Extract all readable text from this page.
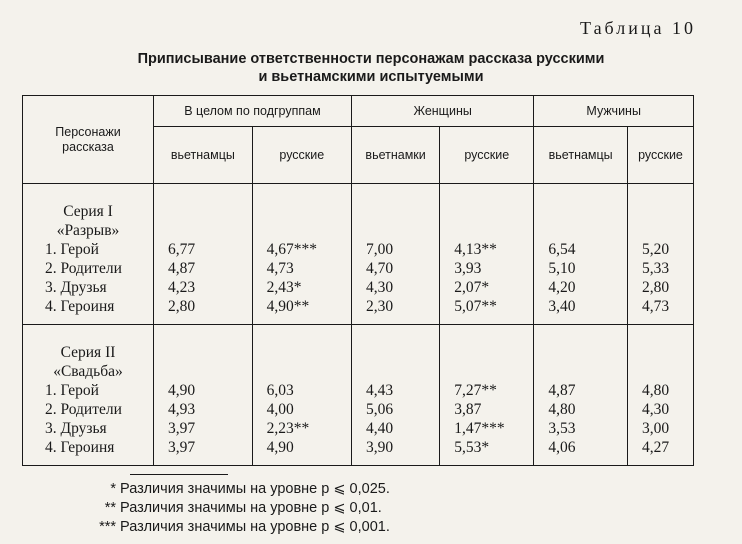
Таблица 10
Приписывание ответственности персонажам рассказа русскими
и вьетнамскими испытуемыми
Персонажи
рассказа	В целом по подгруппам		Женщины		Мужчины	
	вьетнамцы	русские	вьетнамки	русские	вьетнамцы	русские
Серия I						
«Разрыв»						
1. Герой	6,77	4,67***	7,00	4,13**	6,54	5,20
2. Родители	4,87	4,73	4,70	3,93	5,10	5,33
3. Друзья	4,23	2,43*	4,30	2,07*	4,20	2,80
4. Героиня	2,80	4,90**	2,30	5,07**	3,40	4,73
Серия II						
«Свадьба»						
1. Герой	4,90	6,03	4,43	7,27**	4,87	4,80
2. Родители	4,93	4,00	5,06	3,87	4,80	4,30
3. Друзья	3,97	2,23**	4,40	1,47***	3,53	3,00
4. Героиня	3,97	4,90	3,90	5,53*	4,06	4,27
* Различия значимы на уровне p ⩽ 0,025.
** Различия значимы на уровне p ⩽ 0,01.
*** Различия значимы на уровне p ⩽ 0,001.
